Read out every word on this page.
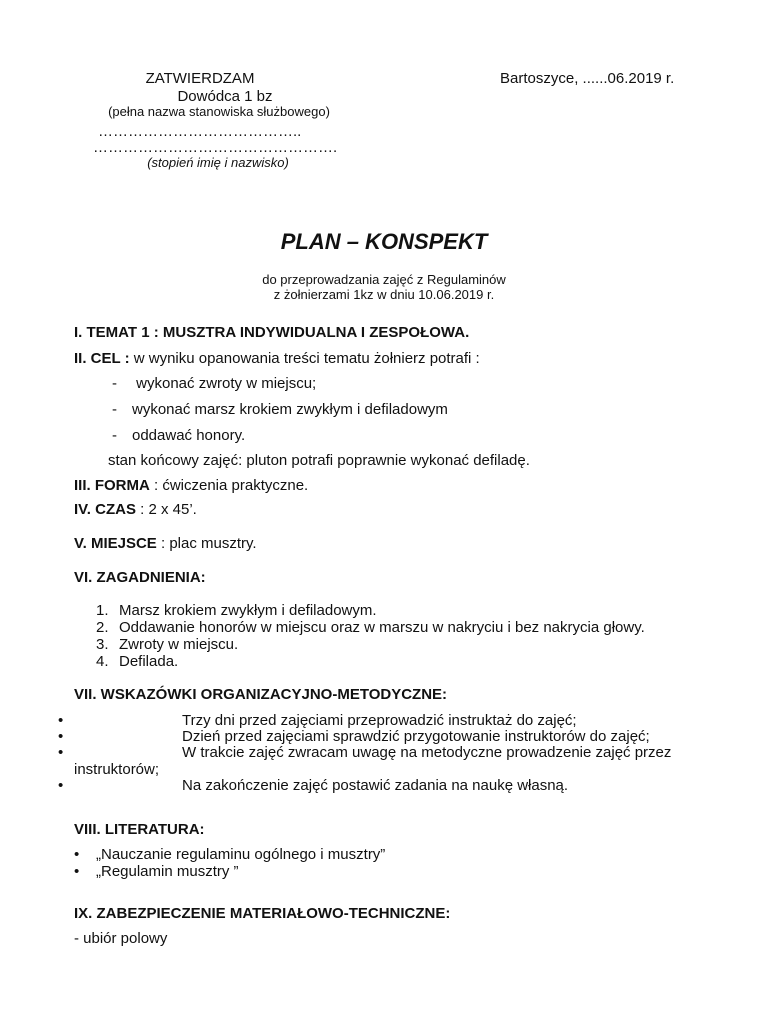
ZATWIERDZAM
Dowódca 1 bz
(pełna nazwa stanowiska służbowego)
…………………………………..
………………………………………….
(stopień imię i nazwisko)
Bartoszyce, ......06.2019 r.
PLAN – KONSPEKT
do przeprowadzania zajęć z Regulaminów
z żołnierzami 1kz w dniu 10.06.2019 r.
I. TEMAT 1 : MUSZTRA INDYWIDUALNA I ZESPOŁOWA.
II. CEL : w wyniku opanowania treści tematu żołnierz potrafi :
- wykonać zwroty w miejscu;
- wykonać marsz krokiem zwykłym i defiladowym
- oddawać honory.
stan końcowy zajęć: pluton potrafi poprawnie wykonać defiladę.
III. FORMA : ćwiczenia praktyczne.
IV. CZAS : 2 x 45’.
V. MIEJSCE : plac musztry.
VI. ZAGADNIENIA:
1. Marsz krokiem zwykłym i defiladowym.
2. Oddawanie honorów w miejscu oraz w marszu w nakryciu i bez nakrycia głowy.
3. Zwroty w miejscu.
4. Defilada.
VII. WSKAZÓWKI ORGANIZACYJNO-METODYCZNE:
•	Trzy dni przed zajęciami przeprowadzić instruktaż do zajęć;
•	Dzień przed zajęciami sprawdzić przygotowanie instruktorów do zajęć;
•	W trakcie zajęć zwracam uwagę na metodyczne prowadzenie zajęć przez
instruktorów;
•	Na zakończenie zajęć postawić zadania na naukę własną.
VIII. LITERATURA:
• „Nauczanie regulaminu ogólnego i musztry”
• „Regulamin musztry ”
IX. ZABEZPIECZENIE MATERIAŁOWO-TECHNICZNE:
- ubiór polowy
